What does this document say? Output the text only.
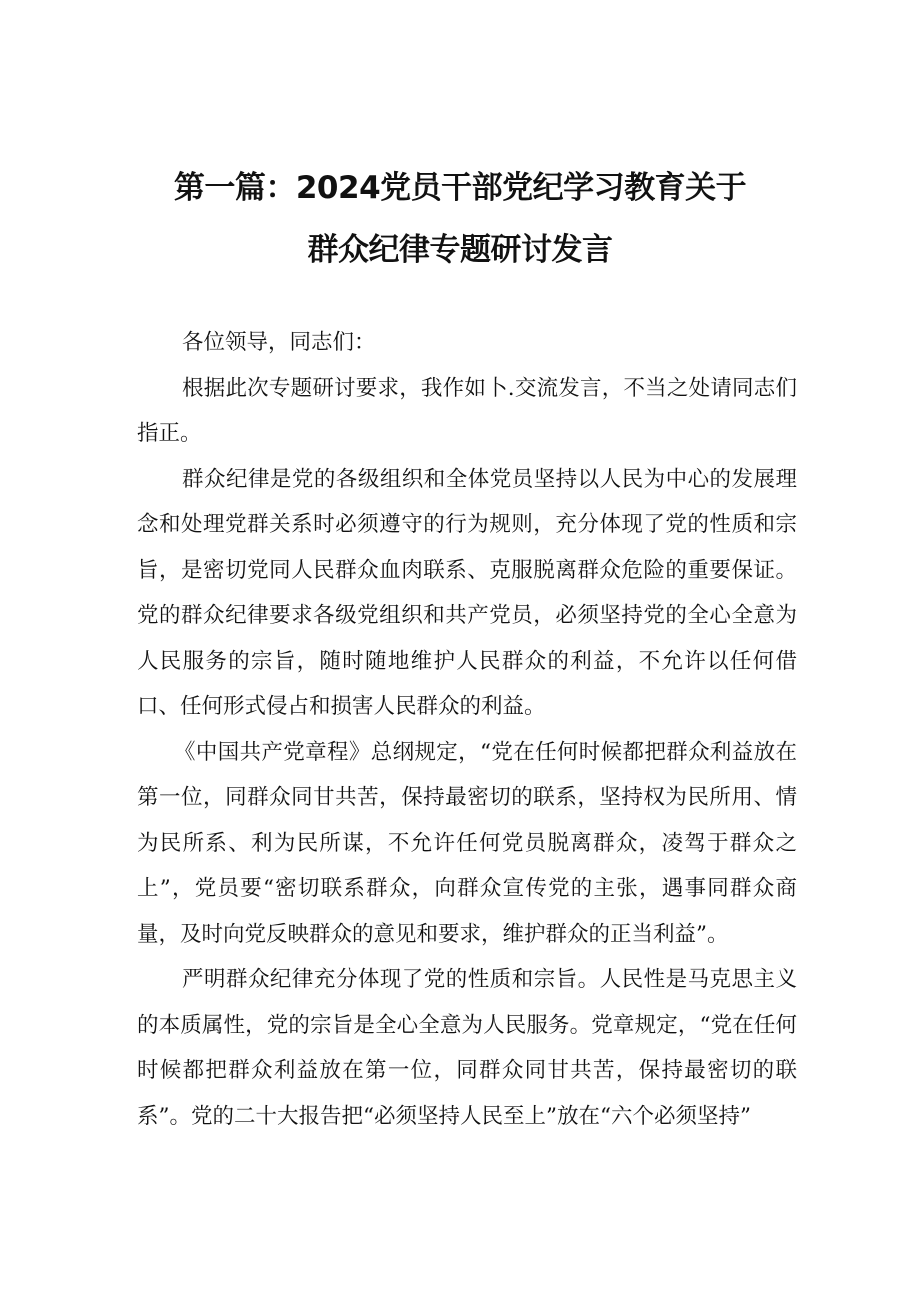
第一篇：2024党员干部党纪学习教育关于
群众纪律专题研讨发言

各位领导，同志们：

根据此次专题研讨要求，我作如卜.交流发言，不当之处请同志们指正。

群众纪律是党的各级组织和全体党员坚持以人民为中心的发展理念和处理党群关系时必须遵守的行为规则，充分体现了党的性质和宗旨，是密切党同人民群众血肉联系、克服脱离群众危险的重要保证。党的群众纪律要求各级党组织和共产党员，必须坚持党的全心全意为人民服务的宗旨，随时随地维护人民群众的利益，不允许以任何借口、任何形式侵占和损害人民群众的利益。

《中国共产党章程》总纲规定，“党在任何时候都把群众利益放在第一位，同群众同甘共苦，保持最密切的联系，坚持权为民所用、情为民所系、利为民所谋，不允许任何党员脱离群众，凌驾于群众之上”，党员要“密切联系群众，向群众宣传党的主张，遇事同群众商量，及时向党反映群众的意见和要求，维护群众的正当利益”。

严明群众纪律充分体现了党的性质和宗旨。人民性是马克思主义的本质属性，党的宗旨是全心全意为人民服务。党章规定，“党在任何时候都把群众利益放在第一位，同群众同甘共苦，保持最密切的联系”。党的二十大报告把“必须坚持人民至上”放在“六个必须坚持”
